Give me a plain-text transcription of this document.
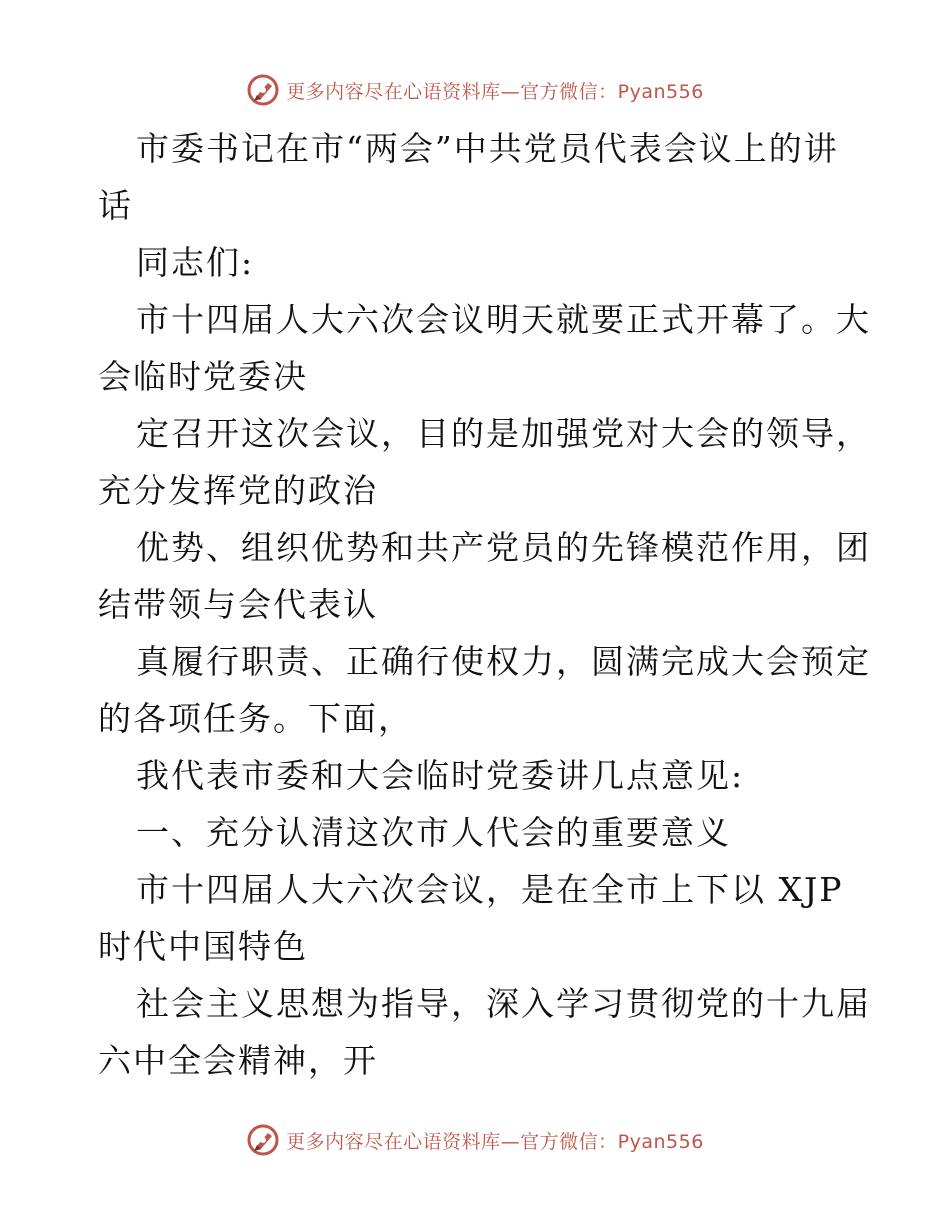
更多内容尽在心语资料库—官方微信：Pyan556
市委书记在市“两会”中共党员代表会议上的讲
话
同志们:
市十四届人大六次会议明天就要正式开幕了。大
会临时党委决
定召开这次会议，目的是加强党对大会的领导，
充分发挥党的政治
优势、组织优势和共产党员的先锋模范作用，团
结带领与会代表认
真履行职责、正确行使权力，圆满完成大会预定
的各项任务。下面，
我代表市委和大会临时党委讲几点意见:
一、充分认清这次市人代会的重要意义
市十四届人大六次会议，是在全市上下以 XJP
时代中国特色
社会主义思想为指导，深入学习贯彻党的十九届
六中全会精神，开
更多内容尽在心语资料库—官方微信：Pyan556
